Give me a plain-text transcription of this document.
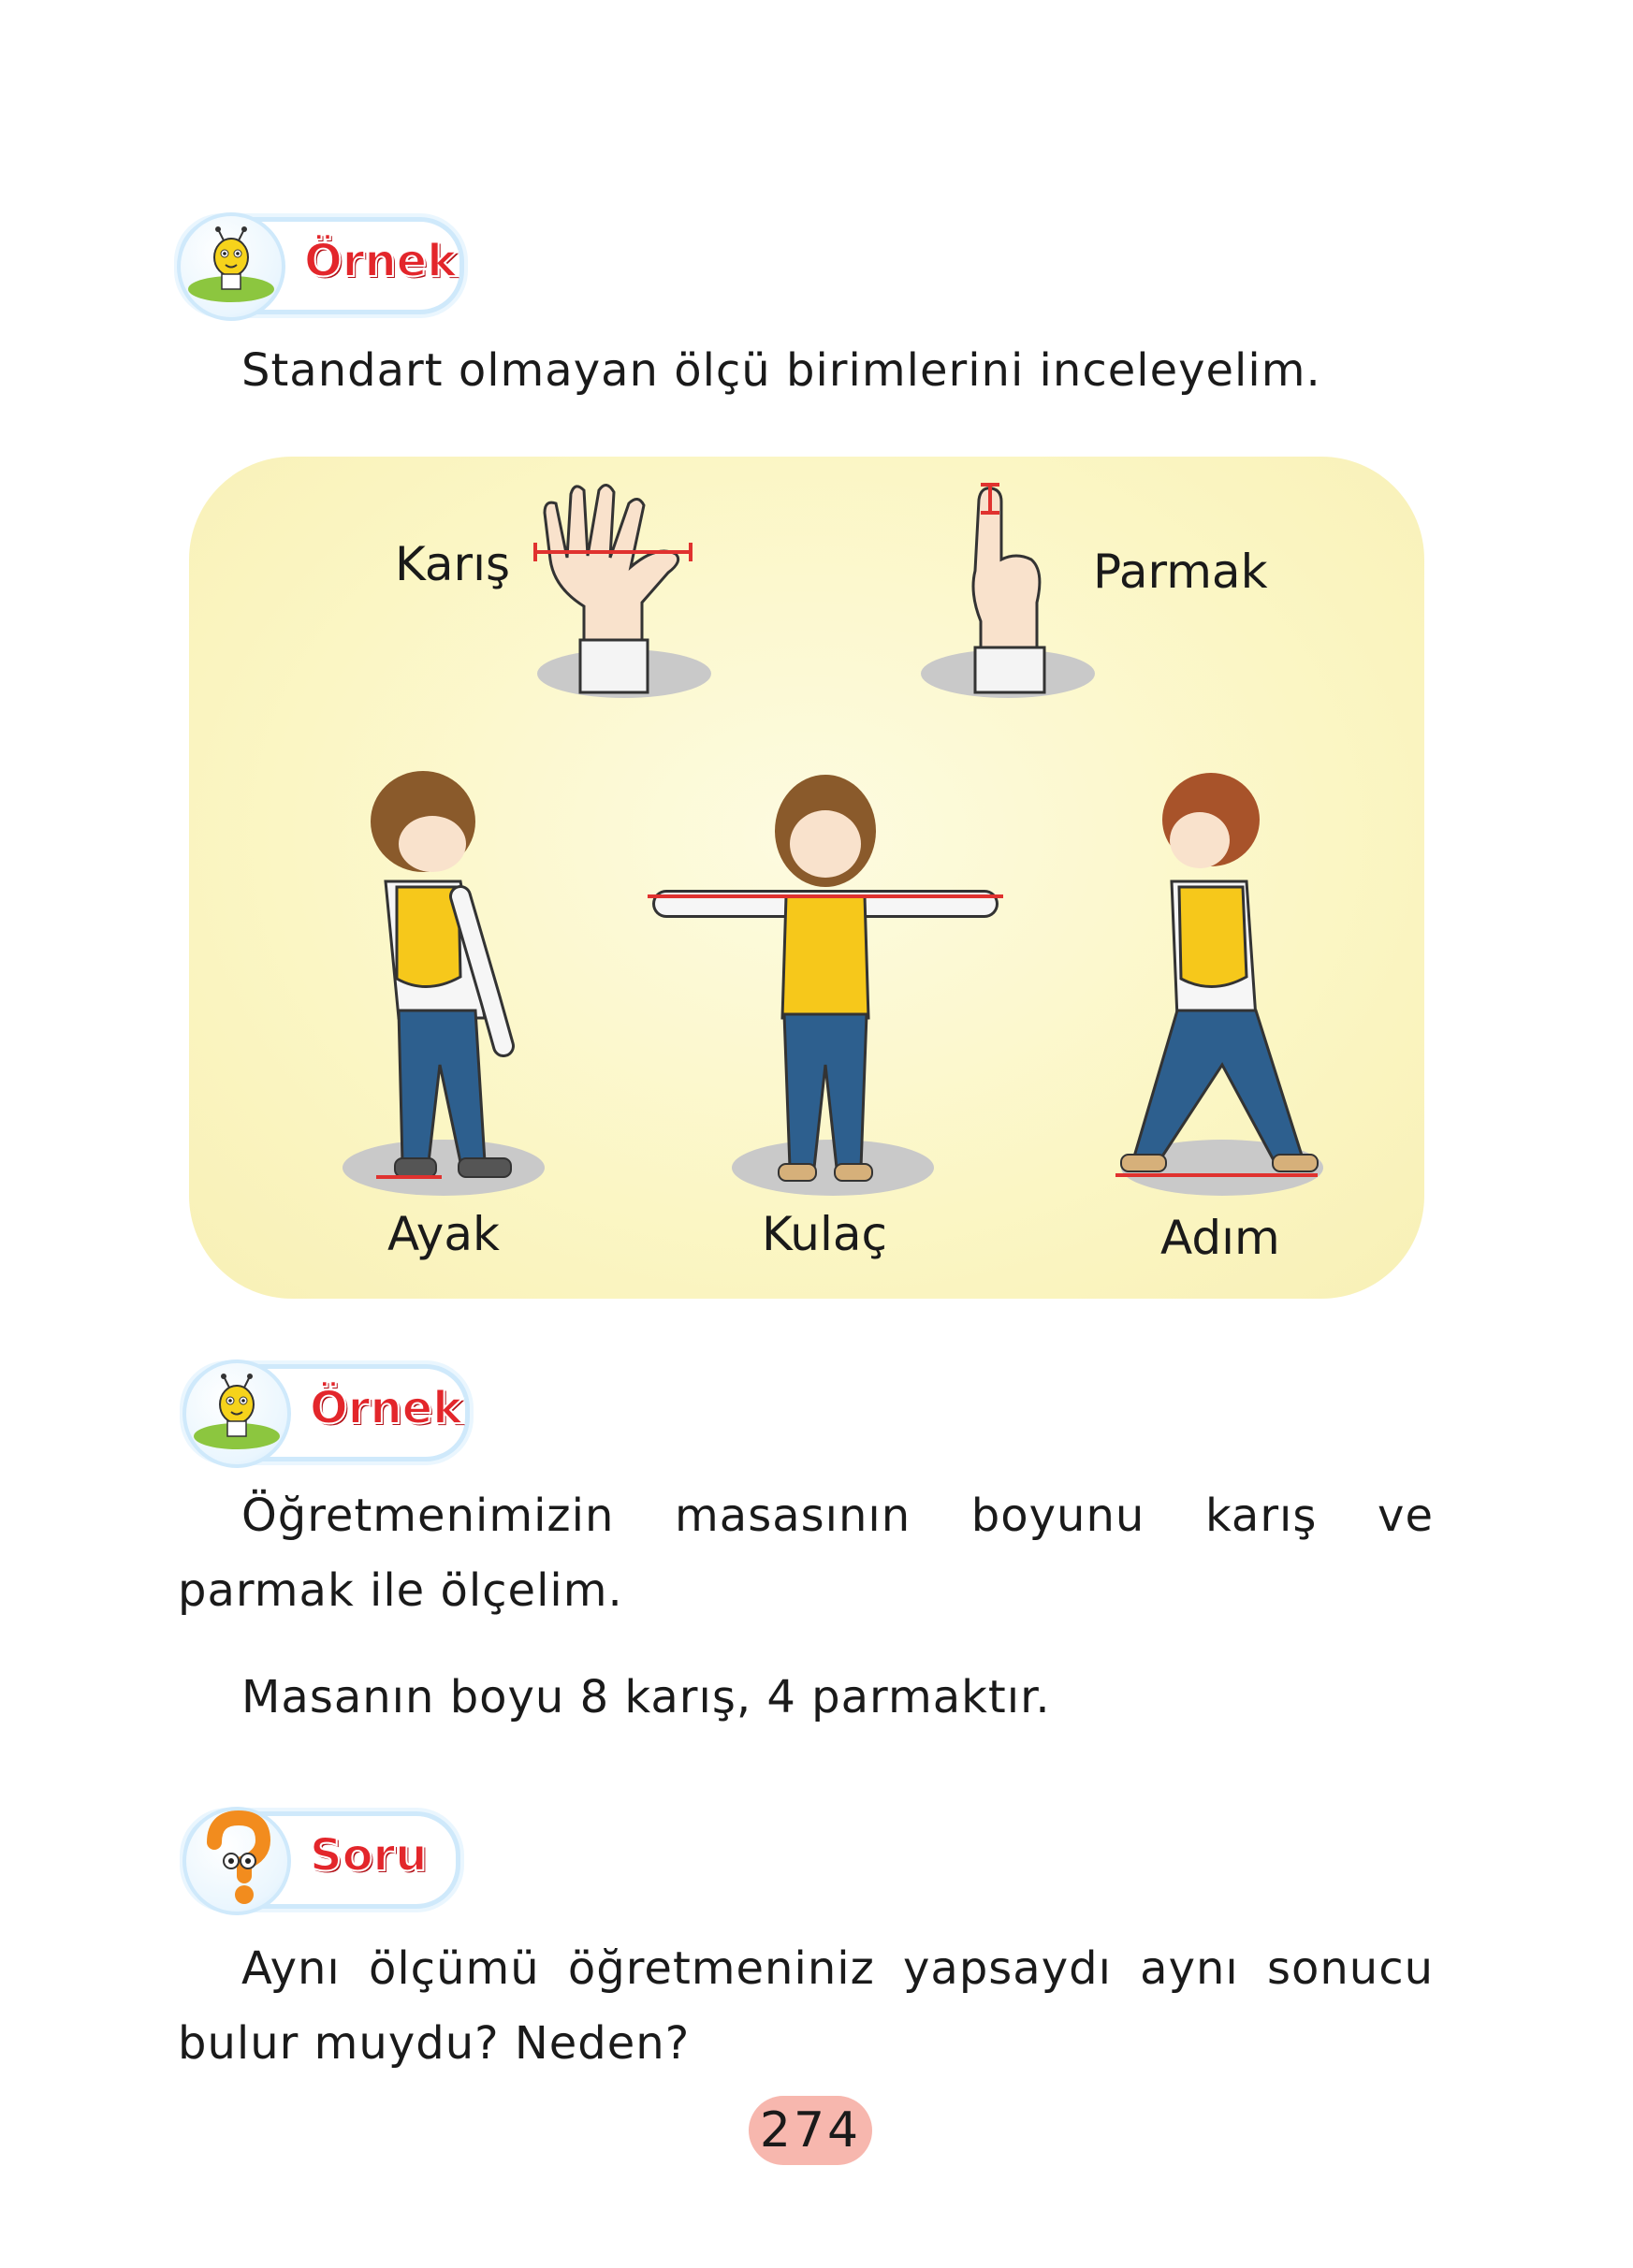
Örnek
Standart olmayan ölçü birimlerini inceleyelim.
Karış	Parmak
Ayak	Kulaç	Adım
Örnek
Öğretmenimizin masasının boyunu karış ve parmak ile ölçelim.
Masanın boyu 8 karış, 4 parmaktır.
Soru
Aynı ölçümü öğretmeniniz yapsaydı aynı sonucu bulur muydu? Neden?
274
